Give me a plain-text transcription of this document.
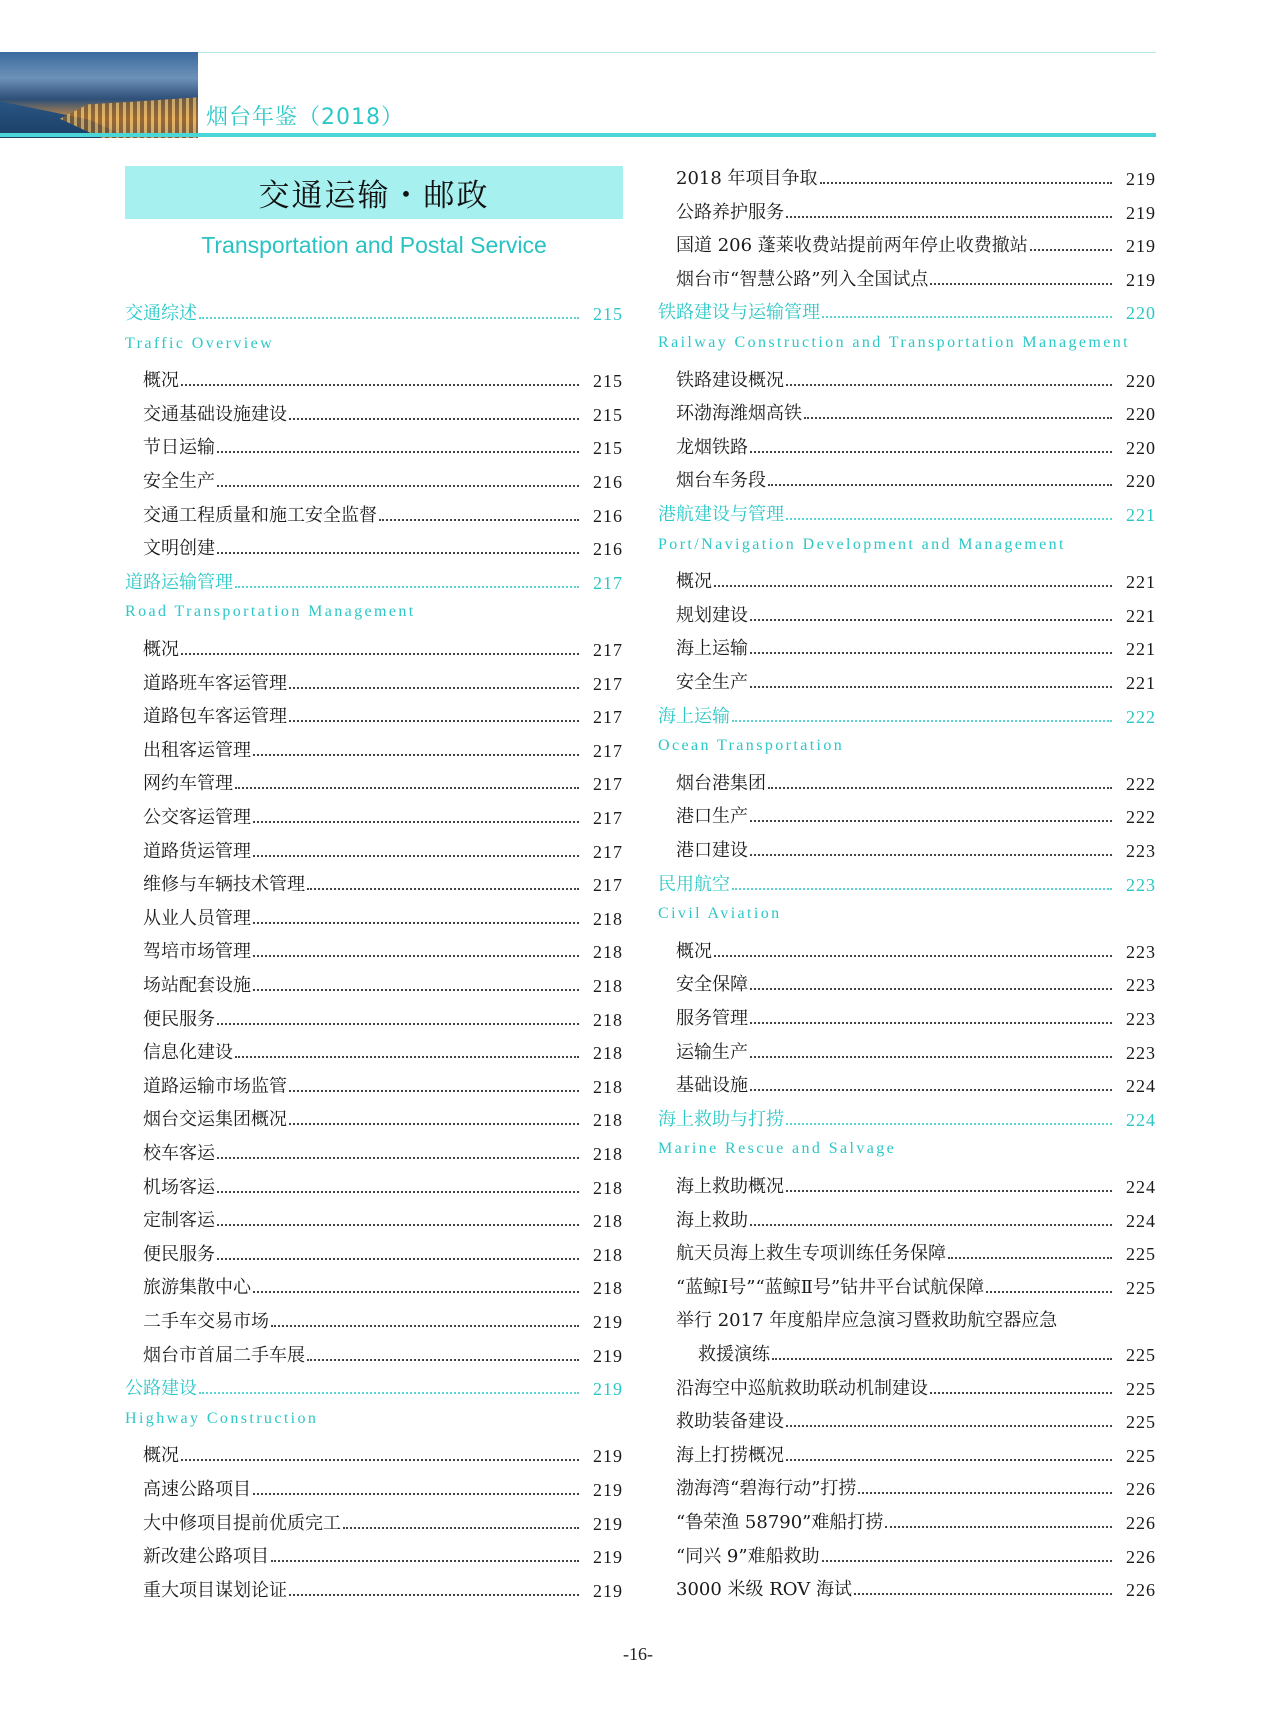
烟台年鉴（2018）
交通运输・邮政
Transportation and Postal Service
交通综述	215
Traffic Overview
概况	215
交通基础设施建设	215
节日运输	215
安全生产	216
交通工程质量和施工安全监督	216
文明创建	216
道路运输管理	217
Road Transportation Management
概况	217
道路班车客运管理	217
道路包车客运管理	217
出租客运管理	217
网约车管理	217
公交客运管理	217
道路货运管理	217
维修与车辆技术管理	217
从业人员管理	218
驾培市场管理	218
场站配套设施	218
便民服务	218
信息化建设	218
道路运输市场监管	218
烟台交运集团概况	218
校车客运	218
机场客运	218
定制客运	218
便民服务	218
旅游集散中心	218
二手车交易市场	219
烟台市首届二手车展	219
公路建设	219
Highway Construction
概况	219
高速公路项目	219
大中修项目提前优质完工	219
新改建公路项目	219
重大项目谋划论证	219
2018 年项目争取	219
公路养护服务	219
国道 206 蓬莱收费站提前两年停止收费撤站	219
烟台市“智慧公路”列入全国试点	219
铁路建设与运输管理	220
Railway Construction and Transportation Management
铁路建设概况	220
环渤海潍烟高铁	220
龙烟铁路	220
烟台车务段	220
港航建设与管理	221
Port/Navigation Development and Management
概况	221
规划建设	221
海上运输	221
安全生产	221
海上运输	222
Ocean Transportation
烟台港集团	222
港口生产	222
港口建设	223
民用航空	223
Civil Aviation
概况	223
安全保障	223
服务管理	223
运输生产	223
基础设施	224
海上救助与打捞	224
Marine Rescue and Salvage
海上救助概况	224
海上救助	224
航天员海上救生专项训练任务保障	225
“蓝鲸Ⅰ号”“蓝鲸Ⅱ号”钻井平台试航保障	225
举行 2017 年度船岸应急演习暨救助航空器应急
救援演练	225
沿海空中巡航救助联动机制建设	225
救助装备建设	225
海上打捞概况	225
渤海湾“碧海行动”打捞	226
“鲁荣渔 58790”难船打捞	226
“同兴 9”难船救助	226
3000 米级 ROV 海试	226
-16-
